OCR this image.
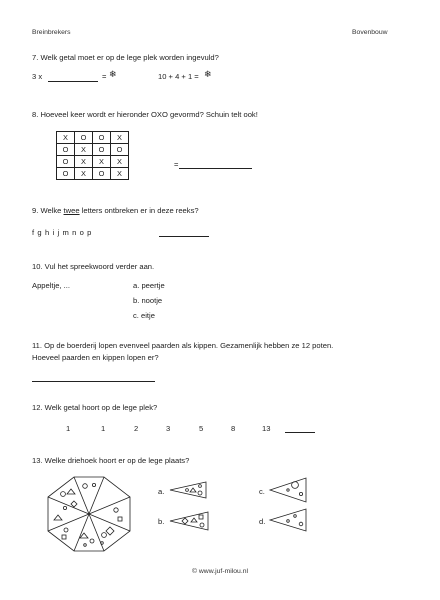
Breinbrekers	Bovenbouw
7. Welk getal moet er op de lege plek worden ingevuld?
3 x	= ❄	10 + 4 + 1 = ❄
8. Hoeveel keer wordt er hieronder OXO gevormd? Schuin telt ook!
X	O	O	X
O	X	O	O
O	X	X	X
O	X	O	X
=
9. Welke twee letters ontbreken er in deze reeks?
f g h i j m n o p
10. Vul het spreekwoord verder aan.
Appeltje, ...	a. peertje
b. nootje
c. eitje
11. Op de boerderij lopen evenveel paarden als kippen. Gezamenlijk hebben ze 12 poten.
Hoeveel paarden en kippen lopen er?
12. Welk getal hoort op de lege plek?
1	1	2	3	5	8	13
13. Welke driehoek hoort er op de lege plaats?
a.	c.
b.	d.
© www.juf-milou.nl
